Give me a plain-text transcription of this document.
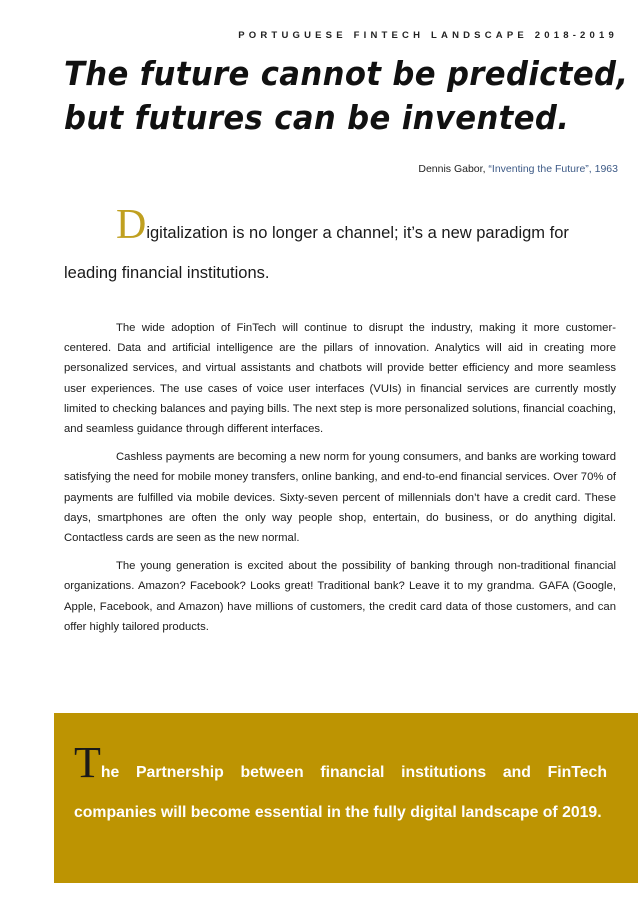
PORTUGUESE FINTECH LANDSCAPE 2018-2019
The future cannot be predicted,
but futures can be invented.
Dennis Gabor, “Inventing the Future”, 1963

Digitalization is no longer a channel; it’s a new paradigm for leading financial institutions.

The wide adoption of FinTech will continue to disrupt the industry, making it more customer-centered. Data and artificial intelligence are the pillars of innovation. Analytics will aid in creating more personalized services, and virtual assistants and chatbots will provide better efficiency and more seamless user experiences. The use cases of voice user interfaces (VUIs) in financial services are currently mostly limited to checking balances and paying bills. The next step is more personalized solutions, financial coaching, and seamless guidance through different interfaces.

Cashless payments are becoming a new norm for young consumers, and banks are working toward satisfying the need for mobile money transfers, online banking, and end-to-end financial services. Over 70% of payments are fulfilled via mobile devices. Sixty-seven percent of millennials don’t have a credit card. These days, smartphones are often the only way people shop, entertain, do business, or do anything digital. Contactless cards are seen as the new normal.

The young generation is excited about the possibility of banking through non-traditional financial organizations. Amazon? Facebook? Looks great! Traditional bank? Leave it to my grandma. GAFA (Google, Apple, Facebook, and Amazon) have millions of customers, the credit card data of those customers, and can offer highly tailored products.

The Partnership between financial institutions and FinTech companies will become essential in the fully digital landscape of 2019.
